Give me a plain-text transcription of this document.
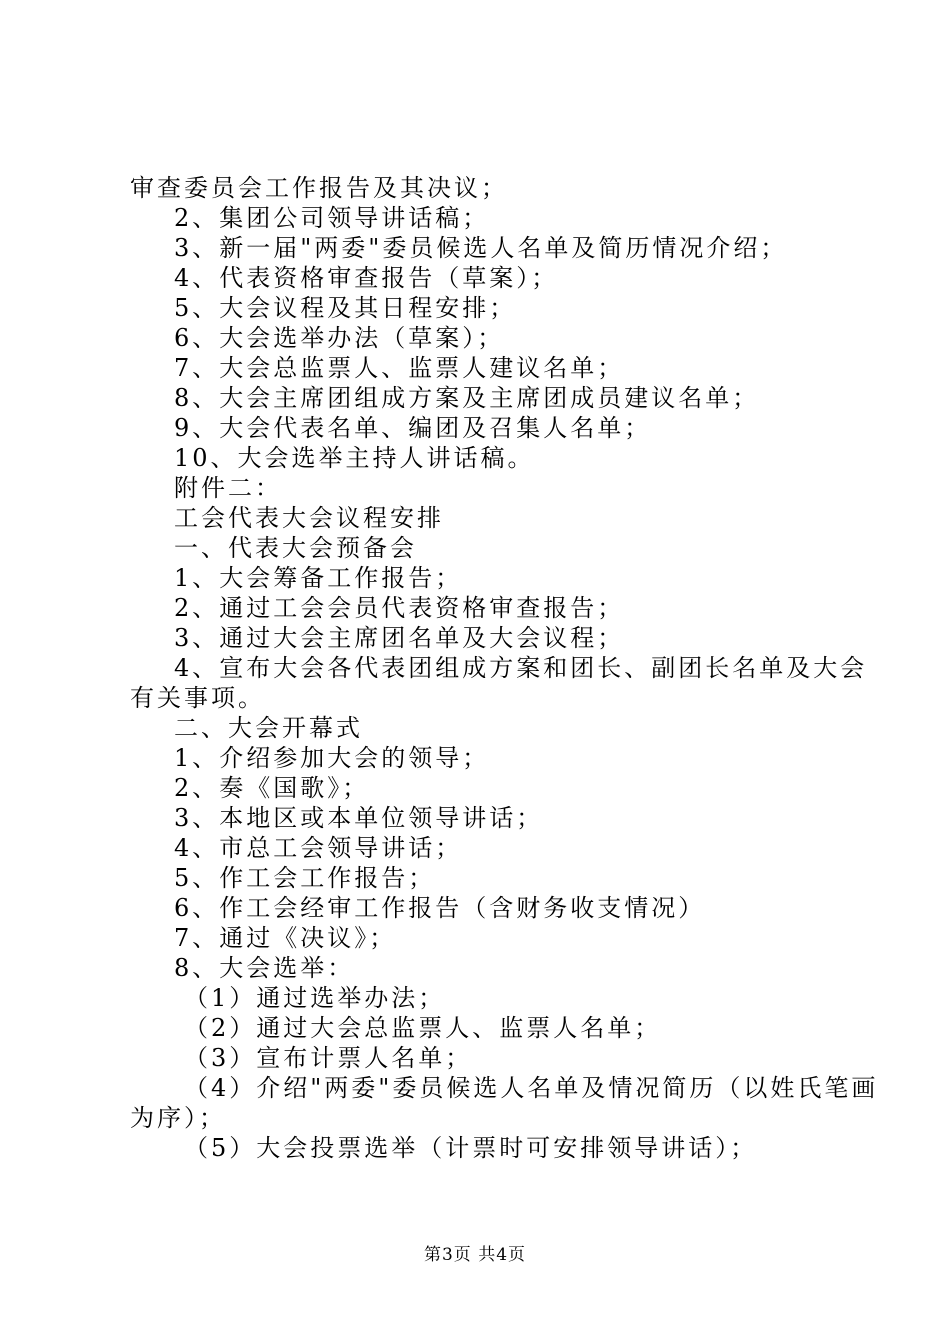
审查委员会工作报告及其决议；
2、集团公司领导讲话稿；
3、新一届"两委"委员候选人名单及简历情况介绍；
4、代表资格审查报告（草案）；
5、大会议程及其日程安排；
6、大会选举办法（草案）；
7、大会总监票人、监票人建议名单；
8、大会主席团组成方案及主席团成员建议名单；
9、大会代表名单、编团及召集人名单；
10、大会选举主持人讲话稿。
附件二：
工会代表大会议程安排
一、代表大会预备会
1、大会筹备工作报告；
2、通过工会会员代表资格审查报告；
3、通过大会主席团名单及大会议程；
4、宣布大会各代表团组成方案和团长、副团长名单及大会
有关事项。
二、大会开幕式
1、介绍参加大会的领导；
2、奏《国歌》；
3、本地区或本单位领导讲话；
4、市总工会领导讲话；
5、作工会工作报告；
6、作工会经审工作报告（含财务收支情况）
7、通过《决议》；
8、大会选举：
（1）通过选举办法；
（2）通过大会总监票人、监票人名单；
（3）宣布计票人名单；
（4）介绍"两委"委员候选人名单及情况简历（以姓氏笔画
为序）；
（5）大会投票选举（计票时可安排领导讲话）；
第3页 共4页
